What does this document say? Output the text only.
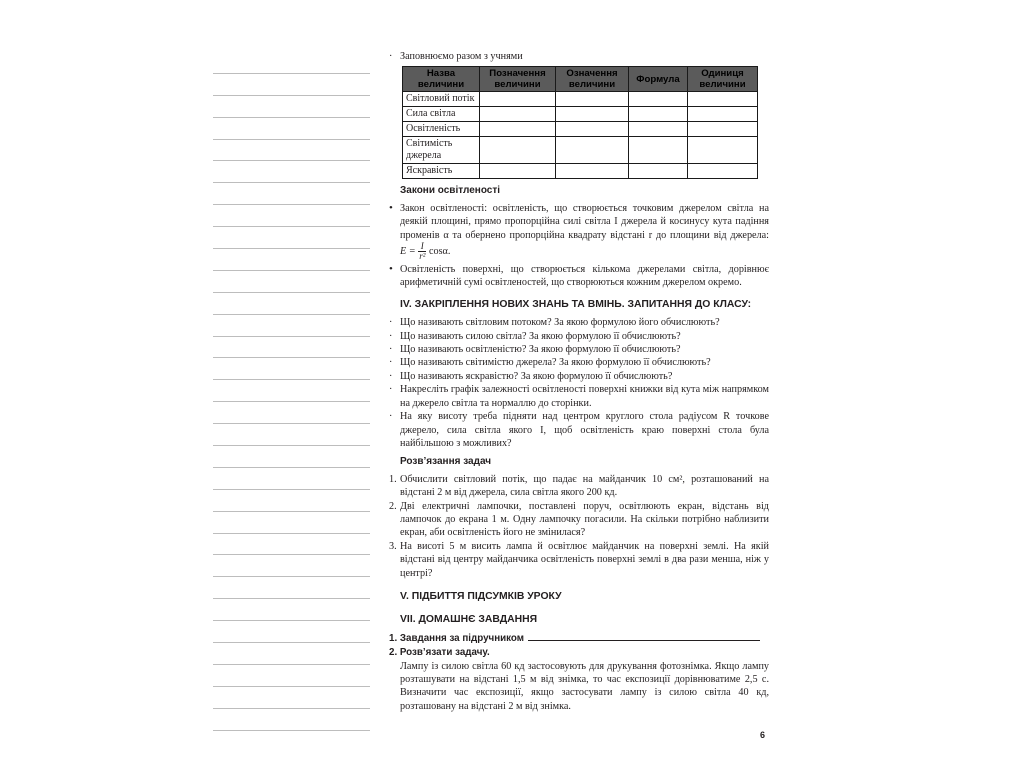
· Заповнюємо разом з учнями
Назва величини	Позначення величини	Означення величини	Формула	Одиниця величини
Світловий потік				
Сила світла				
Освітленість				
Світимість джерела				
Яскравість				
Закони освітленості
• Закон освітленості: освітленість, що створюється точковим джерелом світла на деякій площині, прямо пропорційна силі світла I джерела й косинусу кута падіння променів α та обернено пропорційна квадрату відстані r до площини від джерела: $E = \frac{I}{\text{r²}} \cos\alpha$.
• Освітленість поверхні, що створюється кількома джерелами світла, дорівнює арифметичній сумі освітленостей, що створюються кожним джерелом окремо.
IV. ЗАКРІПЛЕННЯ НОВИХ ЗНАНЬ ТА ВМІНЬ. ЗАПИТАННЯ ДО КЛАСУ:
· Що називають світловим потоком? За якою формулою його обчислюють?
· Що називають силою світла? За якою формулою її обчислюють?
· Що називають освітленістю? За якою формулою її обчислюють?
· Що називають світимістю джерела? За якою формулою її обчислюють?
· Що називають яскравістю? За якою формулою її обчислюють?
· Накресліть графік залежності освітленості поверхні книжки від кута між напрямком на джерело світла та нормаллю до сторінки.
· На яку висоту треба підняти над центром круглого стола радіусом R точкове джерело, сила світла якого I, щоб освітленість краю поверхні стола була найбільшою з можливих?
Розв’язання задач
1. Обчислити світловий потік, що падає на майданчик 10 см², розташований на відстані 2 м від джерела, сила світла якого 200 кд.
2. Дві електричні лампочки, поставлені поруч, освітлюють екран, відстань від лампочок до екрана 1 м. Одну лампочку погасили. На скільки потрібно наблизити екран, аби освітленість його не змінилася?
3. На висоті 5 м висить лампа й освітлює майданчик на поверхні землі. На якій відстані від центру майданчика освітленість поверхні землі в два рази менша, ніж у центрі?
V. ПІДБИТТЯ ПІДСУМКІВ УРОКУ
VII. ДОМАШНЄ ЗАВДАННЯ
1. Завдання за підручником
2. Розв’язати задачу.
Лампу із силою світла 60 кд застосовують для друкування фотознімка. Якщо лампу розташувати на відстані 1,5 м від знімка, то час експозиції дорівнюватиме 2,5 с. Визначити час експозиції, якщо застосувати лампу із силою світла 40 кд, розташовану на відстані 2 м від знімка.
6
